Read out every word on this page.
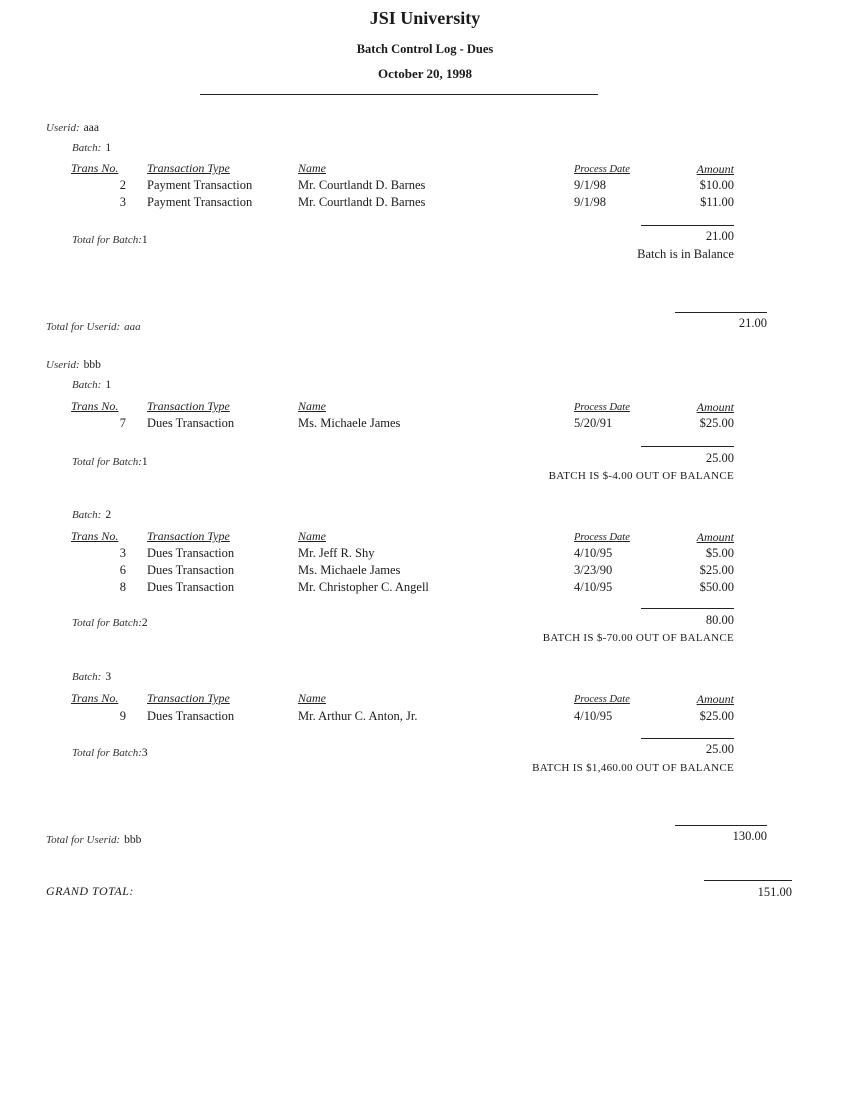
JSI University
Batch Control Log - Dues
October 20, 1998
Userid: aaa
Batch: 1
Trans No. Transaction Type	Name	Process Date	Amount
2 Payment Transaction	Mr. Courtlandt D. Barnes	9/1/98	$10.00
3 Payment Transaction	Mr. Courtlandt D. Barnes	9/1/98	$11.00
Total for Batch:1	21.00
Batch is in Balance
Total for Userid: aaa	21.00
Userid: bbb
Batch: 1
Trans No. Transaction Type	Name	Process Date	Amount
7 Dues Transaction	Ms. Michaele James	5/20/91	$25.00
Total for Batch:1	25.00
BATCH IS $-4.00 OUT OF BALANCE
Batch: 2
Trans No. Transaction Type	Name	Process Date	Amount
3 Dues Transaction	Mr. Jeff R. Shy	4/10/95	$5.00
6 Dues Transaction	Ms. Michaele James	3/23/90	$25.00
8 Dues Transaction	Mr. Christopher C. Angell	4/10/95	$50.00
Total for Batch:2	80.00
BATCH IS $-70.00 OUT OF BALANCE
Batch: 3
Trans No. Transaction Type	Name	Process Date	Amount
9 Dues Transaction	Mr. Arthur C. Anton, Jr.	4/10/95	$25.00
Total for Batch:3	25.00
BATCH IS $1,460.00 OUT OF BALANCE
Total for Userid: bbb	130.00
GRAND TOTAL:	151.00
